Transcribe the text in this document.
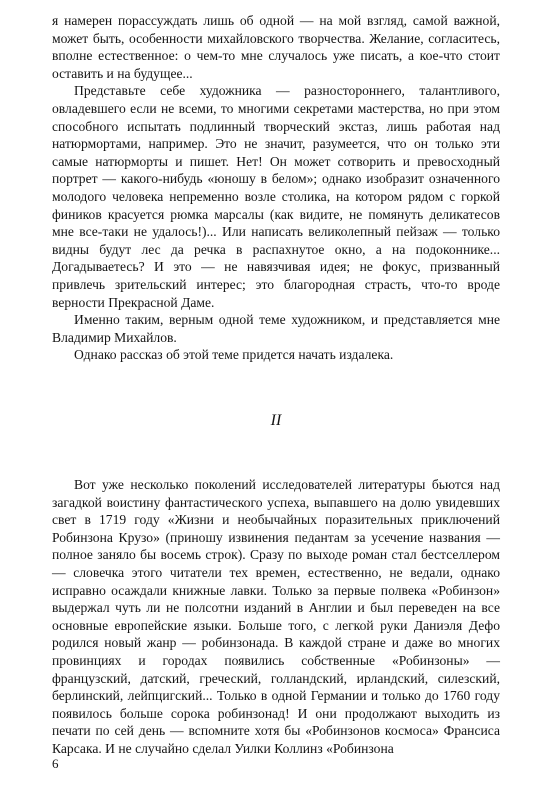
я намерен порассуждать лишь об одной — на мой взгляд, самой важной, может быть, особенности михайловского творчества. Желание, согласитесь, вполне естественное: о чем-то мне случалось уже писать, а кое-что стоит оставить и на будущее...

Представьте себе художника — разностороннего, талантливого, овладевшего если не всеми, то многими секретами мастерства, но при этом способного испытать подлинный творческий экстаз, лишь работая над натюрмортами, например. Это не значит, разумеется, что он только эти самые натюрморты и пишет. Нет! Он может сотворить и превосходный портрет — какого-нибудь «юношу в белом»; однако изобразит означенного молодого человека непременно возле столика, на котором рядом с горкой фиников красуется рюмка марсалы (как видите, не помянуть деликатесов мне все-таки не удалось!)... Или написать великолепный пейзаж — только видны будут лес да речка в распахнутое окно, а на подоконнике... Догадываетесь? И это — не навязчивая идея; не фокус, призванный привлечь зрительский интерес; это благородная страсть, что-то вроде верности Прекрасной Даме.

Именно таким, верным одной теме художником, и представляется мне Владимир Михайлов.

Однако рассказ об этой теме придется начать издалека.

II

Вот уже несколько поколений исследователей литературы бьются над загадкой воистину фантастического успеха, выпавшего на долю увидевших свет в 1719 году «Жизни и необычайных поразительных приключений Робинзона Крузо» (приношу извинения педантам за усечение названия — полное заняло бы восемь строк). Сразу по выходе роман стал бестселлером — словечка этого читатели тех времен, естественно, не ведали, однако исправно осаждали книжные лавки. Только за первые полвека «Робинзон» выдержал чуть ли не полсотни изданий в Англии и был переведен на все основные европейские языки. Больше того, с легкой руки Даниэля Дефо родился новый жанр — робинзонада. В каждой стране и даже во многих провинциях и городах появились собственные «Робинзоны» — французский, датский, греческий, голландский, ирландский, силезский, берлинский, лейпцигский... Только в одной Германии и только до 1760 году появилось больше сорока робинзонад! И они продолжают выходить из печати по сей день — вспомните хотя бы «Робинзонов космоса» Франсиса Карсака. И не случайно сделал Уилки Коллинз «Робинзона

6
